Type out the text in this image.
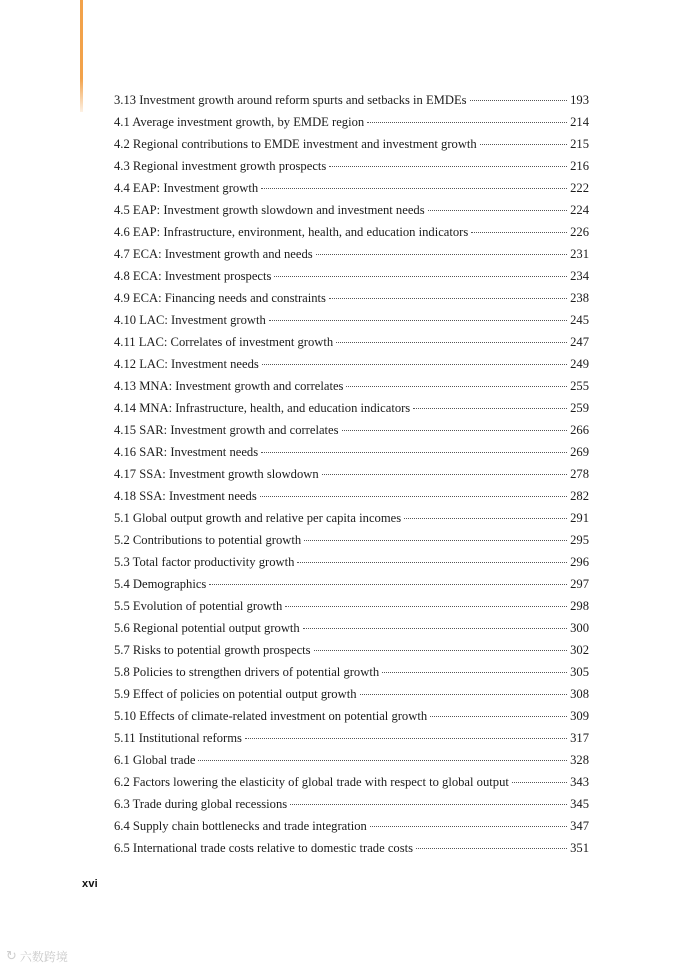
3.13 Investment growth around reform spurts and setbacks in EMDEs	193
4.1 Average investment growth, by EMDE region	214
4.2 Regional contributions to EMDE investment and investment growth	215
4.3 Regional investment growth prospects	216
4.4 EAP: Investment growth	222
4.5 EAP: Investment growth slowdown and investment needs	224
4.6 EAP: Infrastructure, environment, health, and education indicators	226
4.7 ECA: Investment growth and needs	231
4.8 ECA: Investment prospects	234
4.9 ECA: Financing needs and constraints	238
4.10 LAC: Investment growth	245
4.11 LAC: Correlates of investment growth	247
4.12 LAC: Investment needs	249
4.13 MNA: Investment growth and correlates	255
4.14 MNA: Infrastructure, health, and education indicators	259
4.15 SAR: Investment growth and correlates	266
4.16 SAR: Investment needs	269
4.17 SSA: Investment growth slowdown	278
4.18 SSA: Investment needs	282
5.1 Global output growth and relative per capita incomes	291
5.2 Contributions to potential growth	295
5.3 Total factor productivity growth	296
5.4 Demographics	297
5.5 Evolution of potential growth	298
5.6 Regional potential output growth	300
5.7 Risks to potential growth prospects	302
5.8 Policies to strengthen drivers of potential growth	305
5.9 Effect of policies on potential output growth	308
5.10 Effects of climate-related investment on potential growth	309
5.11 Institutional reforms	317
6.1 Global trade	328
6.2 Factors lowering the elasticity of global trade with respect to global output	343
6.3 Trade during global recessions	345
6.4 Supply chain bottlenecks and trade integration	347
6.5 International trade costs relative to domestic trade costs	351
xvi
↻ 六数跨境
